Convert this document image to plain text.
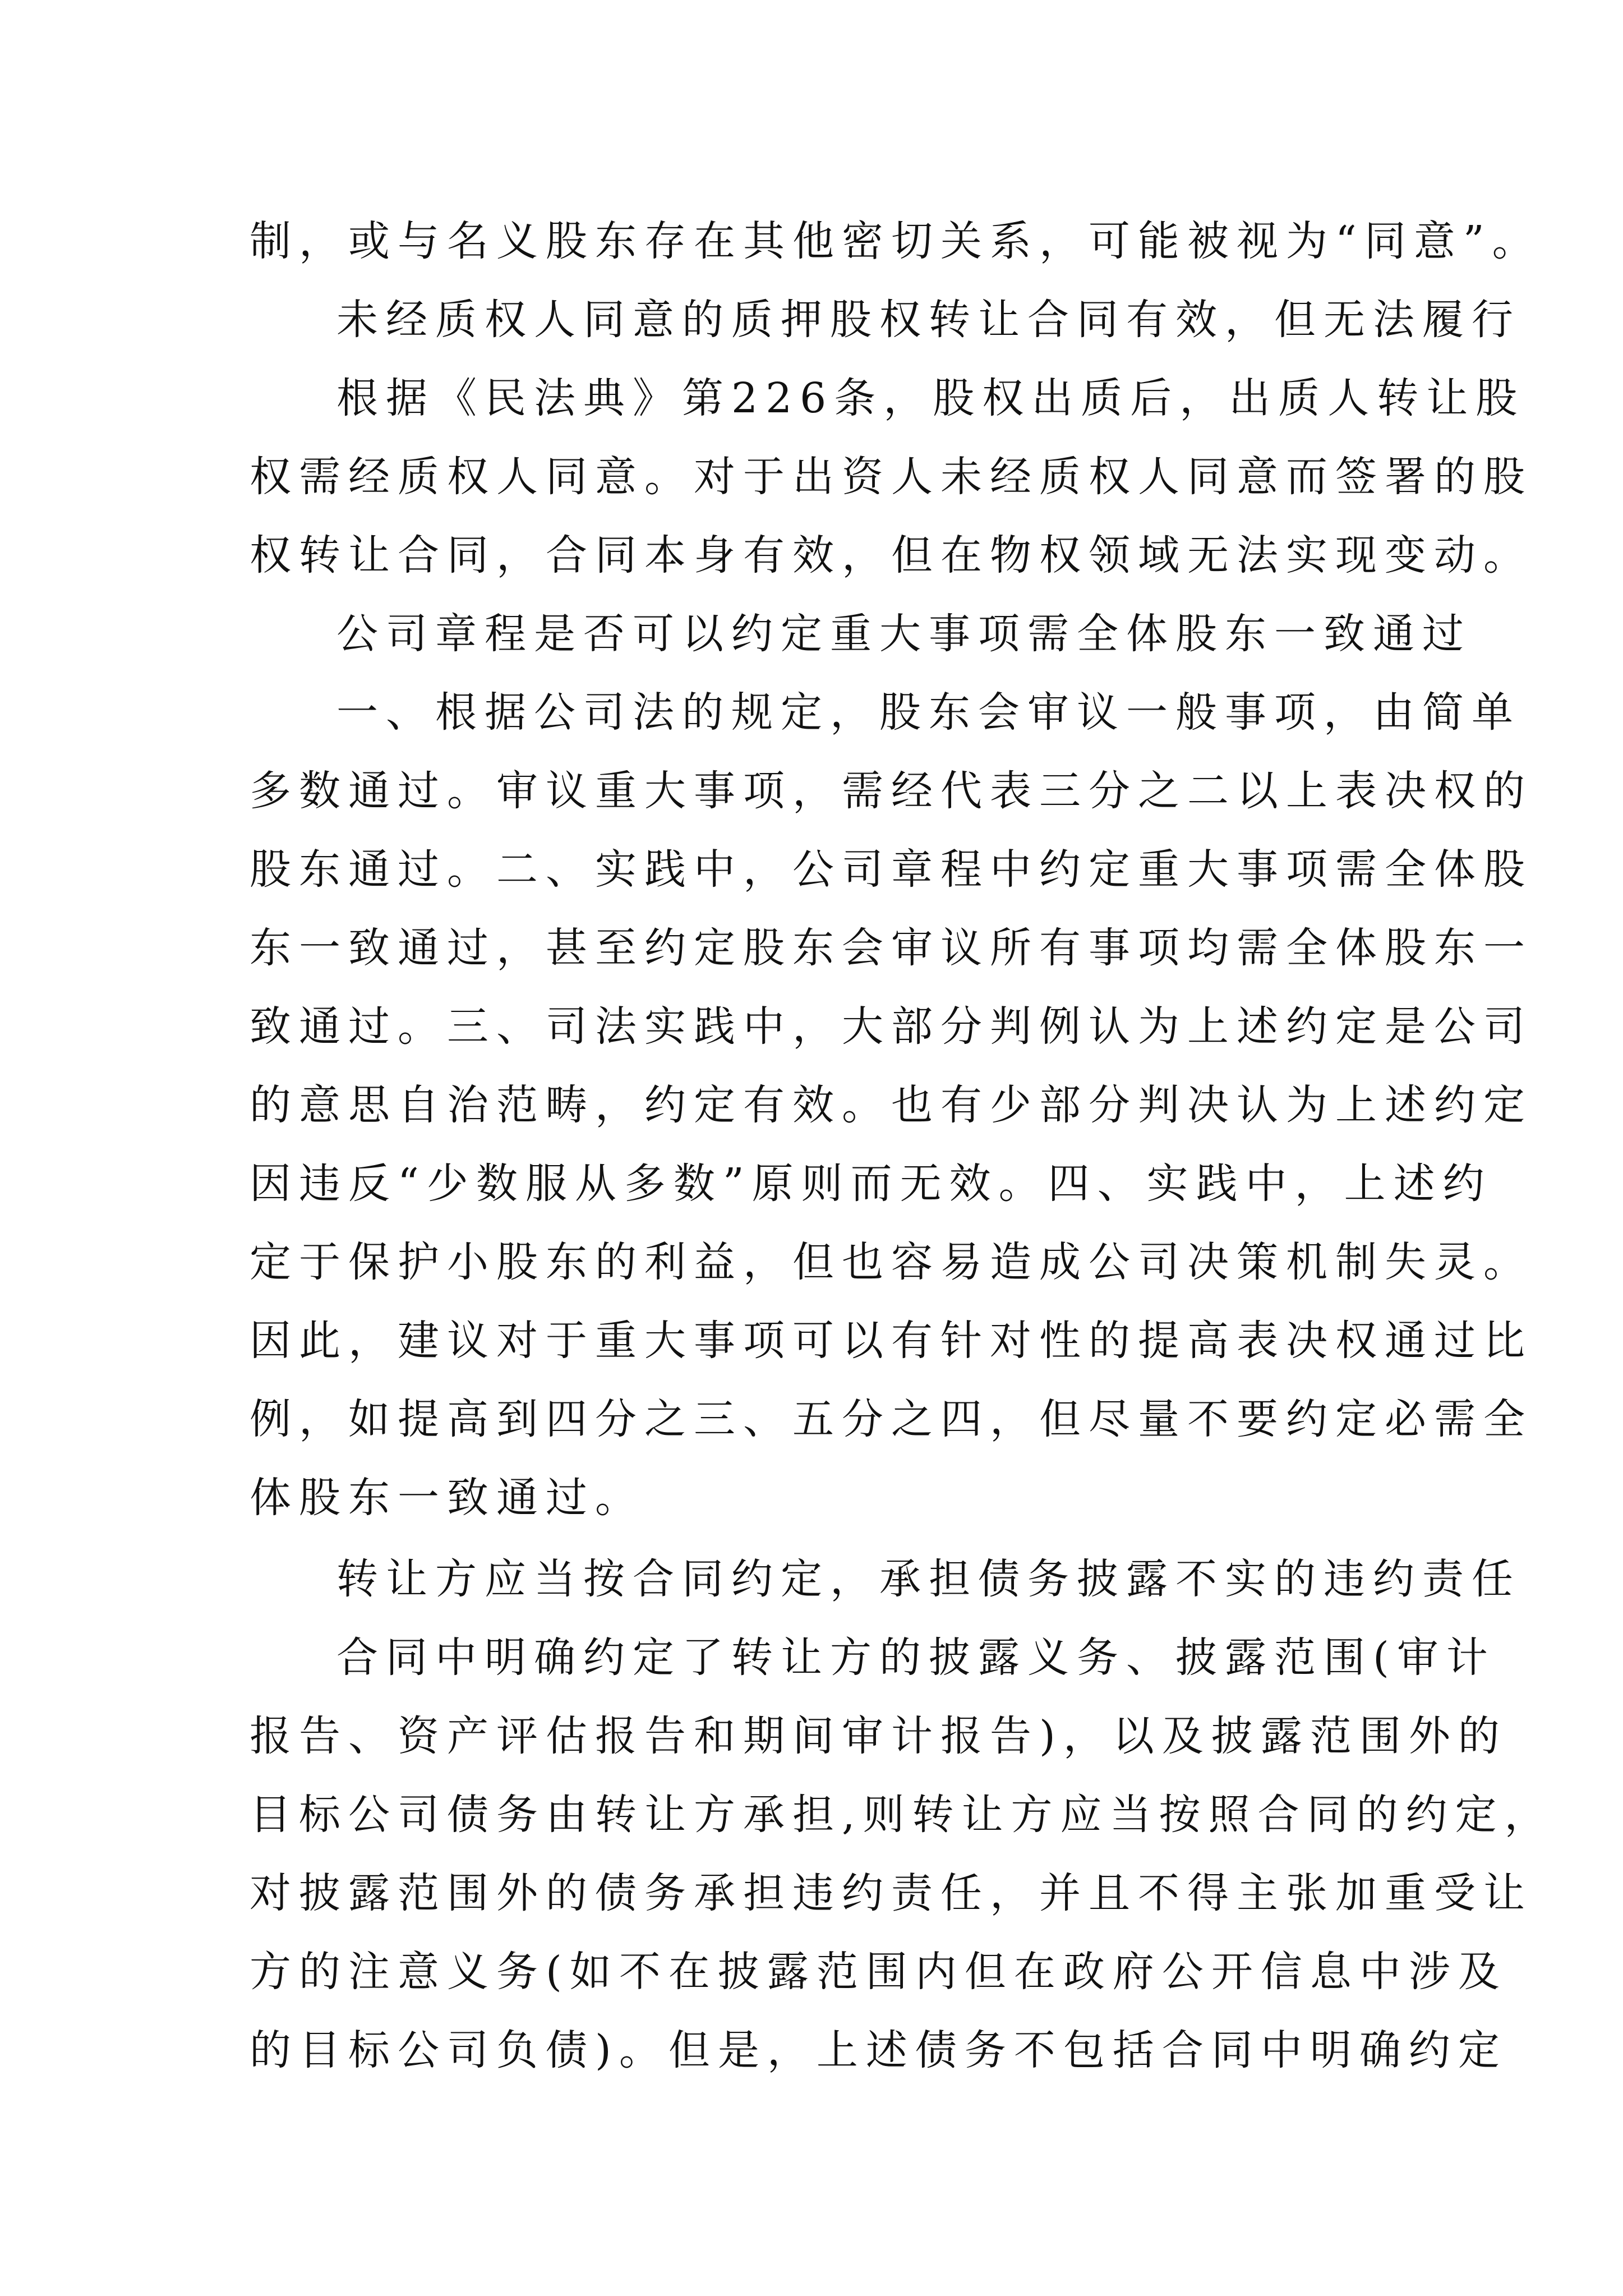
制，或与名义股东存在其他密切关系，可能被视为“同意”。

未经质权人同意的质押股权转让合同有效，但无法履行

根据《民法典》第226条，股权出质后，出质人转让股

权需经质权人同意。对于出资人未经质权人同意而签署的股

权转让合同，合同本身有效，但在物权领域无法实现变动。

公司章程是否可以约定重大事项需全体股东一致通过

一、根据公司法的规定，股东会审议一般事项，由简单

多数通过。审议重大事项，需经代表三分之二以上表决权的

股东通过。二、实践中，公司章程中约定重大事项需全体股

东一致通过，甚至约定股东会审议所有事项均需全体股东一

致通过。三、司法实践中，大部分判例认为上述约定是公司

的意思自治范畴，约定有效。也有少部分判决认为上述约定

因违反“少数服从多数”原则而无效。四、实践中，上述约

定于保护小股东的利益，但也容易造成公司决策机制失灵。

因此，建议对于重大事项可以有针对性的提高表决权通过比

例，如提高到四分之三、五分之四，但尽量不要约定必需全

体股东一致通过。

转让方应当按合同约定，承担债务披露不实的违约责任

合同中明确约定了转让方的披露义务、披露范围(审计

报告、资产评估报告和期间审计报告)，以及披露范围外的

目标公司债务由转让方承担,则转让方应当按照合同的约定，

对披露范围外的债务承担违约责任，并且不得主张加重受让

方的注意义务(如不在披露范围内但在政府公开信息中涉及

的目标公司负债)。但是，上述债务不包括合同中明确约定
